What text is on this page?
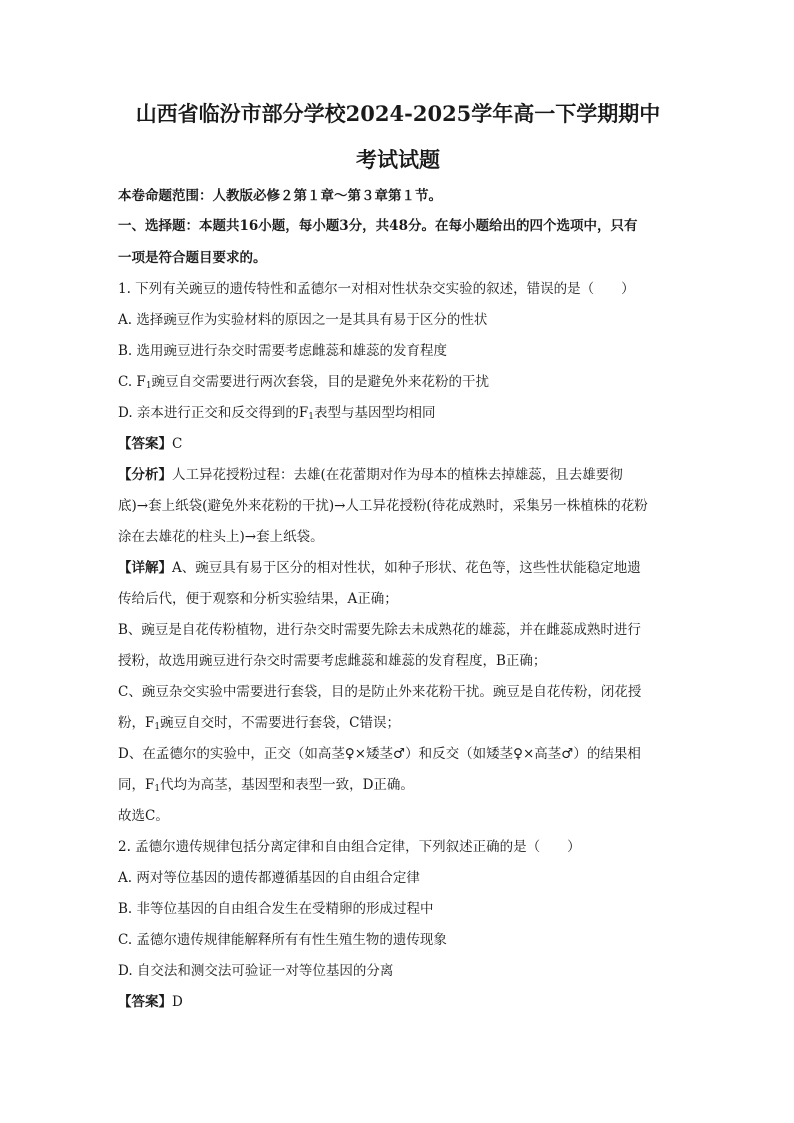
山西省临汾市部分学校2024-2025学年高一下学期期中

考试试题

本卷命题范围：人教版必修２第１章～第３章第１节。

一、选择题：本题共16小题，每小题3分，共48分。在每小题给出的四个选项中，只有

一项是符合题目要求的。

1. 下列有关豌豆的遗传特性和孟德尔一对相对性状杂交实验的叙述，错误的是（　　）

A. 选择豌豆作为实验材料的原因之一是其具有易于区分的性状

B. 选用豌豆进行杂交时需要考虑雌蕊和雄蕊的发育程度

C. $F_1$豌豆自交需要进行两次套袋，目的是避免外来花粉的干扰

D. 亲本进行正交和反交得到的$F_1$表型与基因型均相同

【答案】C

【分析】人工异花授粉过程：去雄(在花蕾期对作为母本的植株去掉雄蕊，且去雄要彻

底)→套上纸袋(避免外来花粉的干扰)→人工异花授粉(待花成熟时，采集另一株植株的花粉

涂在去雄花的柱头上)→套上纸袋。

【详解】A、豌豆具有易于区分的相对性状，如种子形状、花色等，这些性状能稳定地遗

传给后代，便于观察和分析实验结果，A正确；

B、豌豆是自花传粉植物，进行杂交时需要先除去未成熟花的雄蕊，并在雌蕊成熟时进行

授粉，故选用豌豆进行杂交时需要考虑雌蕊和雄蕊的发育程度，B正确；

C、豌豆杂交实验中需要进行套袋，目的是防止外来花粉干扰。豌豆是自花传粉，闭花授

粉，$F_1$豌豆自交时，不需要进行套袋，C错误；

D、在孟德尔的实验中，正交（如高茎♀×矮茎♂）和反交（如矮茎♀×高茎♂）的结果相

同，$F_1$代均为高茎，基因型和表型一致，D正确。

故选C。

2. 孟德尔遗传规律包括分离定律和自由组合定律，下列叙述正确的是（　　）

A. 两对等位基因的遗传都遵循基因的自由组合定律

B. 非等位基因的自由组合发生在受精卵的形成过程中

C. 孟德尔遗传规律能解释所有有性生殖生物的遗传现象

D. 自交法和测交法可验证一对等位基因的分离

【答案】D
